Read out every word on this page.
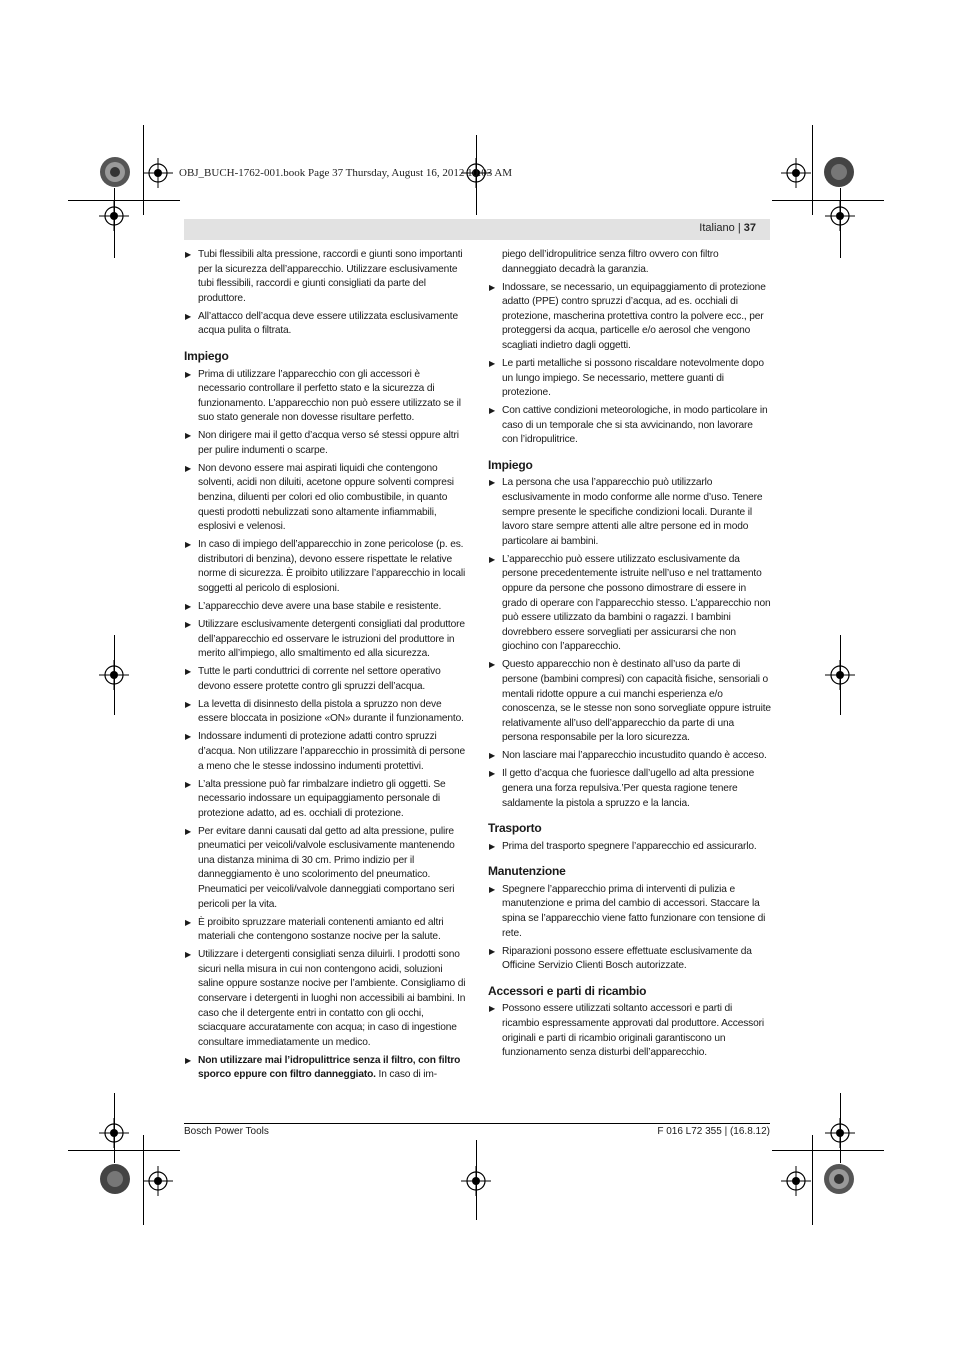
OBJ_BUCH-1762-001.book Page 37 Thursday, August 16, 2012 10:03 AM
Italiano | 37
▶ Tubi flessibili alta pressione, raccordi e giunti sono importanti per la sicurezza dell’apparecchio. Utilizzare esclusivamente tubi flessibili, raccordi e giunti consigliati da parte del produttore.
▶ All’attacco dell’acqua deve essere utilizzata esclusivamente acqua pulita o filtrata.
Impiego
▶ Prima di utilizzare l’apparecchio con gli accessori è necessario controllare il perfetto stato e la sicurezza di funzionamento. L’apparecchio non può essere utilizzato se il suo stato generale non dovesse risultare perfetto.
▶ Non dirigere mai il getto d’acqua verso sé stessi oppure altri per pulire indumenti o scarpe.
▶ Non devono essere mai aspirati liquidi che contengono solventi, acidi non diluiti, acetone oppure solventi compresi benzina, diluenti per colori ed olio combustibile, in quanto questi prodotti nebulizzati sono altamente infiammabili, esplosivi e velenosi.
▶ In caso di impiego dell’apparecchio in zone pericolose (p. es. distributori di benzina), devono essere rispettate le relative norme di sicurezza. È proibito utilizzare l’apparecchio in locali soggetti al pericolo di esplosioni.
▶ L’apparecchio deve avere una base stabile e resistente.
▶ Utilizzare esclusivamente detergenti consigliati dal produttore dell’apparecchio ed osservare le istruzioni del produttore in merito all’impiego, allo smaltimento ed alla sicurezza.
▶ Tutte le parti conduttrici di corrente nel settore operativo devono essere protette contro gli spruzzi dell’acqua.
▶ La levetta di disinnesto della pistola a spruzzo non deve essere bloccata in posizione «ON» durante il funzionamento.
▶ Indossare indumenti di protezione adatti contro spruzzi d’acqua. Non utilizzare l’apparecchio in prossimità di persone a meno che le stesse indossino indumenti protettivi.
▶ L’alta pressione può far rimbalzare indietro gli oggetti. Se necessario indossare un equipaggiamento personale di protezione adatto, ad es. occhiali di protezione.
▶ Per evitare danni causati dal getto ad alta pressione, pulire pneumatici per veicoli/valvole esclusivamente mantenendo una distanza minima di 30 cm. Primo indizio per il danneggiamento è uno scolorimento del pneumatico. Pneumatici per veicoli/valvole danneggiati comportano seri pericoli per la vita.
▶ È proibito spruzzare materiali contenenti amianto ed altri materiali che contengono sostanze nocive per la salute.
▶ Utilizzare i detergenti consigliati senza diluirli. I prodotti sono sicuri nella misura in cui non contengono acidi, soluzioni saline oppure sostanze nocive per l’ambiente. Consigliamo di conservare i detergenti in luoghi non accessibili ai bambini. In caso che il detergente entri in contatto con gli occhi, sciacquare accuratamente con acqua; in caso di ingestione consultare immediatamente un medico.
▶ Non utilizzare mai l’idropulittrice senza il filtro, con filtro sporco eppure con filtro danneggiato. In caso di im-
piego dell’idropulitrice senza filtro ovvero con filtro danneggiato decadrà la garanzia.
▶ Indossare, se necessario, un equipaggiamento di protezione adatto (PPE) contro spruzzi d’acqua, ad es. occhiali di protezione, mascherina protettiva contro la polvere ecc., per proteggersi da acqua, particelle e/o aerosol che vengono scagliati indietro dagli oggetti.
▶ Le parti metalliche si possono riscaldare notevolmente dopo un lungo impiego. Se necessario, mettere guanti di protezione.
▶ Con cattive condizioni meteorologiche, in modo particolare in caso di un temporale che si sta avvicinando, non lavorare con l’idropulitrice.
Impiego
▶ La persona che usa l’apparecchio può utilizzarlo esclusivamente in modo conforme alle norme d’uso. Tenere sempre presente le specifiche condizioni locali. Durante il lavoro stare sempre attenti alle altre persone ed in modo particolare ai bambini.
▶ L’apparecchio può essere utilizzato esclusivamente da persone precedentemente istruite nell’uso e nel trattamento oppure da persone che possono dimostrare di essere in grado di operare con l’apparecchio stesso. L’apparecchio non può essere utilizzato da bambini o ragazzi. I bambini dovrebbero essere sorvegliati per assicurarsi che non giochino con l’apparecchio.
▶ Questo apparecchio non è destinato all’uso da parte di persone (bambini compresi) con capacità fisiche, sensoriali o mentali ridotte oppure a cui manchi esperienza e/o conoscenza, se le stesse non sono sorvegliate oppure istruite relativamente all’uso dell’apparecchio da parte di una persona responsabile per la loro sicurezza.
▶ Non lasciare mai l’apparecchio incustudito quando è acceso.
▶ Il getto d’acqua che fuoriesce dall’ugello ad alta pressione genera una forza repulsiva.’Per questa ragione tenere saldamente la pistola a spruzzo e la lancia.
Trasporto
▶ Prima del trasporto spegnere l’apparecchio ed assicurarlo.
Manutenzione
▶ Spegnere l’apparecchio prima di interventi di pulizia e manutenzione e prima del cambio di accessori. Staccare la spina se l’apparecchio viene fatto funzionare con tensione di rete.
▶ Riparazioni possono essere effettuate esclusivamente da Officine Servizio Clienti Bosch autorizzate.
Accessori e parti di ricambio
▶ Possono essere utilizzati soltanto accessori e parti di ricambio espressamente approvati dal produttore. Accessori originali e parti di ricambio originali garantiscono un funzionamento senza disturbi dell’apparecchio.
Bosch Power Tools	F 016 L72 355 | (16.8.12)
